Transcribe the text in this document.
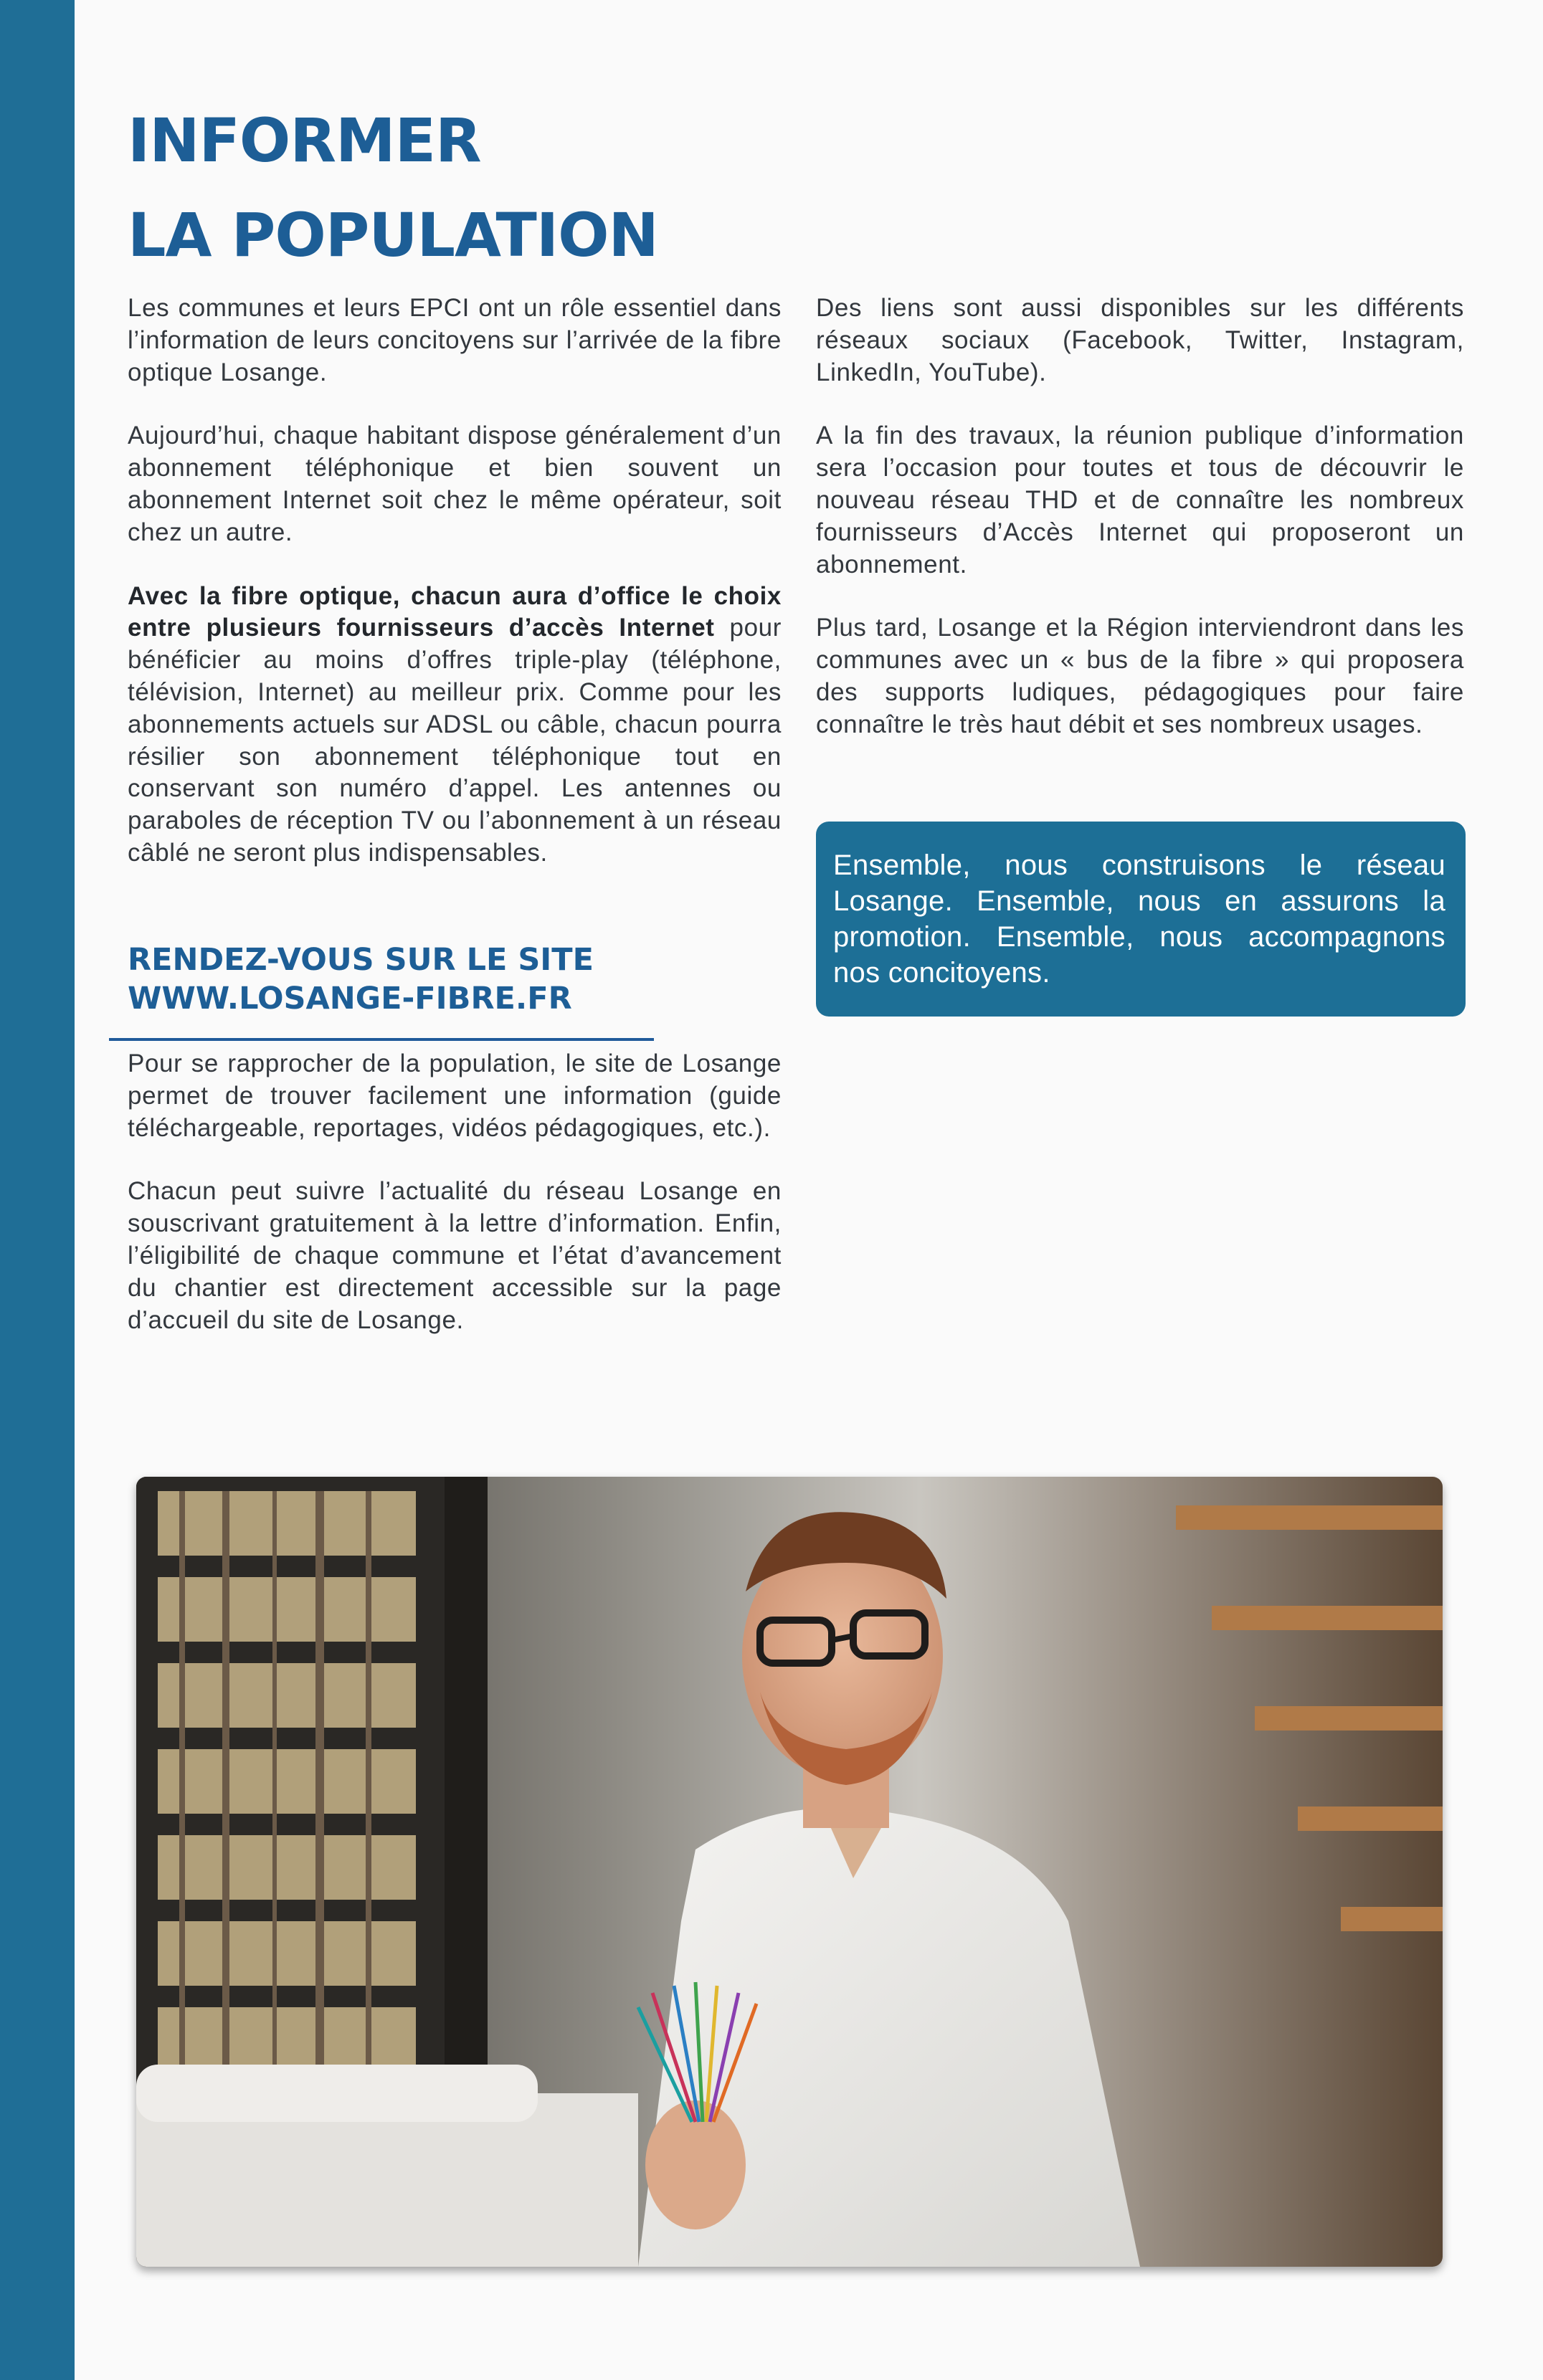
INFORMER
LA POPULATION

Les communes et leurs EPCI ont un rôle essentiel dans l’information de leurs concitoyens sur l’arrivée de la fibre optique Losange.

Aujourd’hui, chaque habitant dispose généralement d’un abonnement téléphonique et bien souvent un abonnement Internet soit chez le même opérateur, soit chez un autre.

Avec la fibre optique, chacun aura d’office le choix entre plusieurs fournisseurs d’accès Internet pour bénéficier au moins d’offres triple-play (téléphone, télévision, Internet) au meilleur prix. Comme pour les abonnements actuels sur ADSL ou câble, chacun pourra résilier son abonnement téléphonique tout en conservant son numéro d’appel. Les antennes ou paraboles de réception TV ou l’abonnement à un réseau câblé ne seront plus indispensables.

RENDEZ-VOUS SUR LE SITE
WWW.LOSANGE-FIBRE.FR

Pour se rapprocher de la population, le site de Losange permet de trouver facilement une information (guide téléchargeable, reportages, vidéos pédagogiques, etc.).

Chacun peut suivre l’actualité du réseau Losange en souscrivant gratuitement à la lettre d’information. Enfin, l’éligibilité de chaque commune et l’état d’avancement du chantier est directement accessible sur la page d’accueil du site de Losange.

Des liens sont aussi disponibles sur les différents réseaux sociaux (Facebook, Twitter, Instagram, LinkedIn, YouTube).

A la fin des travaux, la réunion publique d’information sera l’occasion pour toutes et tous de découvrir le nouveau réseau THD et de connaître les nombreux fournisseurs d’Accès Internet qui proposeront un abonnement.

Plus tard, Losange et la Région interviendront dans les communes avec un « bus de la fibre » qui proposera des supports ludiques, pédagogiques pour faire connaître le très haut débit et ses nombreux usages.

Ensemble, nous construisons le réseau Losange. Ensemble, nous en assurons la promotion. Ensemble, nous accompagnons nos concitoyens.
